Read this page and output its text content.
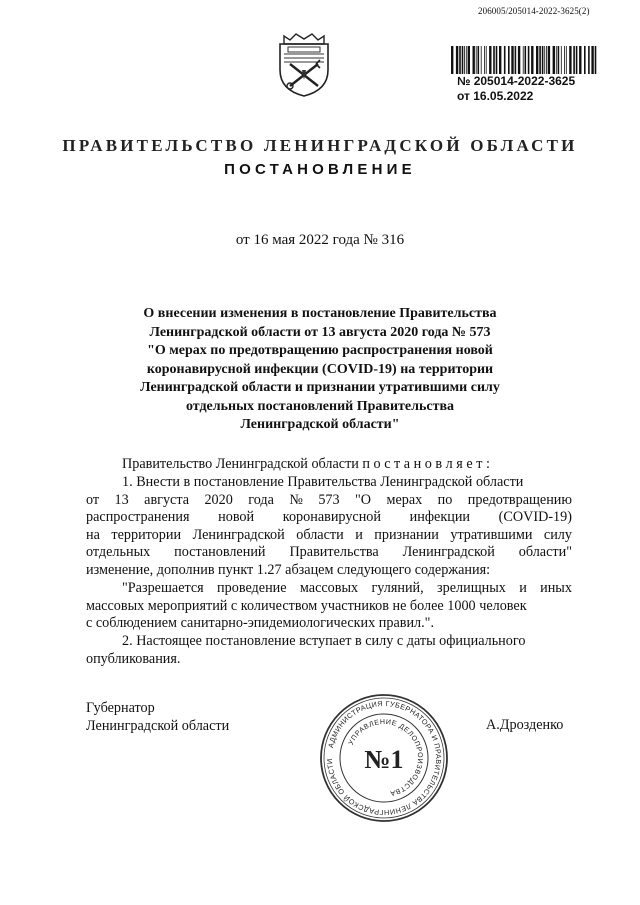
206005/205014-2022-3625(2)
№ 205014-2022-3625
от 16.05.2022
ПРАВИТЕЛЬСТВО ЛЕНИНГРАДСКОЙ ОБЛАСТИ
ПОСТАНОВЛЕНИЕ
от 16 мая 2022 года № 316
О внесении изменения в постановление Правительства
Ленинградской области от 13 августа 2020 года № 573
"О мерах по предотвращению распространения новой
коронавирусной инфекции (COVID-19) на территории
Ленинградской области и признании утратившими силу
отдельных постановлений Правительства
Ленинградской области"
Правительство Ленинградской области п о с т а н о в л я е т :
1. Внести в постановление Правительства Ленинградской области
от 13 августа 2020 года № 573 "О мерах по предотвращению
распространения новой коронавирусной инфекции (COVID-19)
на территории Ленинградской области и признании утратившими силу
отдельных постановлений Правительства Ленинградской области"
изменение, дополнив пункт 1.27 абзацем следующего содержания:
"Разрешается проведение массовых гуляний, зрелищных и иных
массовых мероприятий с количеством участников не более 1000 человек
с соблюдением санитарно-эпидемиологических правил.".
2. Настоящее постановление вступает в силу с даты официального
опубликования.
Губернатор
Ленинградской области	А.Дрозденко
АДМИНИСТРАЦИЯ ГУБЕРНАТОРА И ПРАВИТЕЛЬСТВА ЛЕНИНГРАДСКОЙ ОБЛАСТИ
УПРАВЛЕНИЕ ДЕЛОПРОИЗВОДСТВА
№1
